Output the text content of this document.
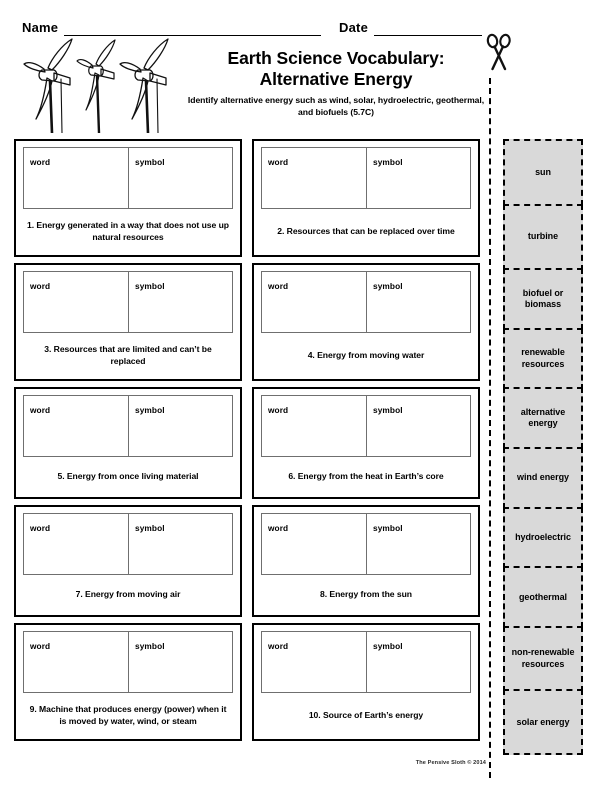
Name	Date
Earth Science Vocabulary:
Alternative Energy
Identify alternative energy such as wind, solar, hydroelectric, geothermal, and biofuels (5.7C)
word	symbol
1. Energy generated in a way that does not use up natural resources
word	symbol
2. Resources that can be replaced over time
word	symbol
3. Resources that are limited and can’t be replaced
word	symbol
4. Energy from moving water
word	symbol
5. Energy from once living material
word	symbol
6. Energy from the heat in Earth’s core
word	symbol
7. Energy from moving air
word	symbol
8. Energy from the sun
word	symbol
9. Machine that produces energy (power) when it is moved by water, wind, or steam
word	symbol
10. Source of Earth’s energy
sun
turbine
biofuel or biomass
renewable resources
alternative energy
wind energy
hydroelectric
geothermal
non-renewable resources
solar energy
The Pensive Sloth © 2014
